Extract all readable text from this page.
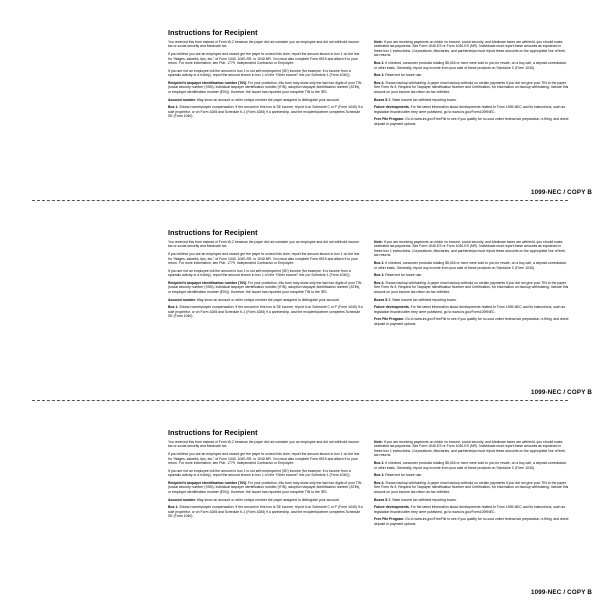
Instructions for Recipient

You received this form instead of Form W-2 because the payer did not consider you an employee and did not withhold income tax or social security and Medicare tax.

If you believe you are an employee and cannot get the payer to correct this form, report the amount shown in box 1 on the line for “Wages, salaries, tips, etc.” of Form 1040, 1040-SR, or 1040-NR. You must also complete Form 8919 and attach it to your return. For more information, see Pub. 1779, Independent Contractor or Employee.

If you are not an employee but the amount in box 1 is not self-employment (SE) income (for example, it is income from a sporadic activity or a hobby), report the amount shown in box 1 on the “Other income” line (on Schedule 1 (Form 1040)).

Recipient's taxpayer identification number (TIN). For your protection, this form may show only the last four digits of your TIN (social security number (SSN), individual taxpayer identification number (ITIN), adoption taxpayer identification number (ATIN), or employer identification number (EIN)). However, the issuer has reported your complete TIN to the IRS.

Account number. May show an account or other unique number the payer assigned to distinguish your account.

Box 1. Shows nonemployee compensation. If the amount in this box is SE income, report it on Schedule C or F (Form 1040) if a sole proprietor, or on Form 1065 and Schedule K-1 (Form 1065) if a partnership, and the recipient/partner completes Schedule SE (Form 1040).

Note: If you are receiving payments on which no income, social security, and Medicare taxes are withheld, you should make estimated tax payments. See Form 1040-ES or Form 1040-ES (NR). Individuals must report these amounts as explained in these box 1 instructions. Corporations, fiduciaries, and partnerships must report these amounts on the appropriate line of their tax returns.

Box 2. If checked, consumer products totaling $5,000 or more were sold to you for resale, on a buy-sell, a deposit-commission, or other basis. Generally, report any income from your sale of these products on Schedule C (Form 1040).

Box 3. Reserved for future use.

Box 4. Shows backup withholding. A payer must backup withhold on certain payments if you did not give your TIN to the payer. See Form W-9, Request for Taxpayer Identification Number and Certification, for information on backup withholding. Include this amount on your income tax return as tax withheld.

Boxes 5-7. State income tax withheld reporting boxes.

Future developments. For the latest information about developments related to Form 1099-NEC and its instructions, such as legislation enacted after they were published, go to www.irs.gov/Form1099NEC.

Free File Program. Go to www.irs.gov/FreeFile to see if you qualify for no-cost online federal tax preparation, e-filing, and direct deposit or payment options.

1099-NEC / COPY B
Instructions for Recipient

You received this form instead of Form W-2 because the payer did not consider you an employee and did not withhold income tax or social security and Medicare tax.

If you believe you are an employee and cannot get the payer to correct this form, report the amount shown in box 1 on the line for “Wages, salaries, tips, etc.” of Form 1040, 1040-SR, or 1040-NR. You must also complete Form 8919 and attach it to your return. For more information, see Pub. 1779, Independent Contractor or Employee.

If you are not an employee but the amount in box 1 is not self-employment (SE) income (for example, it is income from a sporadic activity or a hobby), report the amount shown in box 1 on the “Other income” line (on Schedule 1 (Form 1040)).

Recipient's taxpayer identification number (TIN). For your protection, this form may show only the last four digits of your TIN (social security number (SSN), individual taxpayer identification number (ITIN), adoption taxpayer identification number (ATIN), or employer identification number (EIN)). However, the issuer has reported your complete TIN to the IRS.

Account number. May show an account or other unique number the payer assigned to distinguish your account.

Box 1. Shows nonemployee compensation. If the amount in this box is SE income, report it on Schedule C or F (Form 1040) if a sole proprietor, or on Form 1065 and Schedule K-1 (Form 1065) if a partnership, and the recipient/partner completes Schedule SE (Form 1040).

Note: If you are receiving payments on which no income, social security, and Medicare taxes are withheld, you should make estimated tax payments. See Form 1040-ES or Form 1040-ES (NR). Individuals must report these amounts as explained in these box 1 instructions. Corporations, fiduciaries, and partnerships must report these amounts on the appropriate line of their tax returns.

Box 2. If checked, consumer products totaling $5,000 or more were sold to you for resale, on a buy-sell, a deposit-commission, or other basis. Generally, report any income from your sale of these products on Schedule C (Form 1040).

Box 3. Reserved for future use.

Box 4. Shows backup withholding. A payer must backup withhold on certain payments if you did not give your TIN to the payer. See Form W-9, Request for Taxpayer Identification Number and Certification, for information on backup withholding. Include this amount on your income tax return as tax withheld.

Boxes 5-7. State income tax withheld reporting boxes.

Future developments. For the latest information about developments related to Form 1099-NEC and its instructions, such as legislation enacted after they were published, go to www.irs.gov/Form1099NEC.

Free File Program. Go to www.irs.gov/FreeFile to see if you qualify for no-cost online federal tax preparation, e-filing, and direct deposit or payment options.

1099-NEC / COPY B
Instructions for Recipient

You received this form instead of Form W-2 because the payer did not consider you an employee and did not withhold income tax or social security and Medicare tax.

If you believe you are an employee and cannot get the payer to correct this form, report the amount shown in box 1 on the line for “Wages, salaries, tips, etc.” of Form 1040, 1040-SR, or 1040-NR. You must also complete Form 8919 and attach it to your return. For more information, see Pub. 1779, Independent Contractor or Employee.

If you are not an employee but the amount in box 1 is not self-employment (SE) income (for example, it is income from a sporadic activity or a hobby), report the amount shown in box 1 on the “Other income” line (on Schedule 1 (Form 1040)).

Recipient's taxpayer identification number (TIN). For your protection, this form may show only the last four digits of your TIN (social security number (SSN), individual taxpayer identification number (ITIN), adoption taxpayer identification number (ATIN), or employer identification number (EIN)). However, the issuer has reported your complete TIN to the IRS.

Account number. May show an account or other unique number the payer assigned to distinguish your account.

Box 1. Shows nonemployee compensation. If the amount in this box is SE income, report it on Schedule C or F (Form 1040) if a sole proprietor, or on Form 1065 and Schedule K-1 (Form 1065) if a partnership, and the recipient/partner completes Schedule SE (Form 1040).

Note: If you are receiving payments on which no income, social security, and Medicare taxes are withheld, you should make estimated tax payments. See Form 1040-ES or Form 1040-ES (NR). Individuals must report these amounts as explained in these box 1 instructions. Corporations, fiduciaries, and partnerships must report these amounts on the appropriate line of their tax returns.

Box 2. If checked, consumer products totaling $5,000 or more were sold to you for resale, on a buy-sell, a deposit-commission, or other basis. Generally, report any income from your sale of these products on Schedule C (Form 1040).

Box 3. Reserved for future use.

Box 4. Shows backup withholding. A payer must backup withhold on certain payments if you did not give your TIN to the payer. See Form W-9, Request for Taxpayer Identification Number and Certification, for information on backup withholding. Include this amount on your income tax return as tax withheld.

Boxes 5-7. State income tax withheld reporting boxes.

Future developments. For the latest information about developments related to Form 1099-NEC and its instructions, such as legislation enacted after they were published, go to www.irs.gov/Form1099NEC.

Free File Program. Go to www.irs.gov/FreeFile to see if you qualify for no-cost online federal tax preparation, e-filing, and direct deposit or payment options.

1099-NEC / COPY B
